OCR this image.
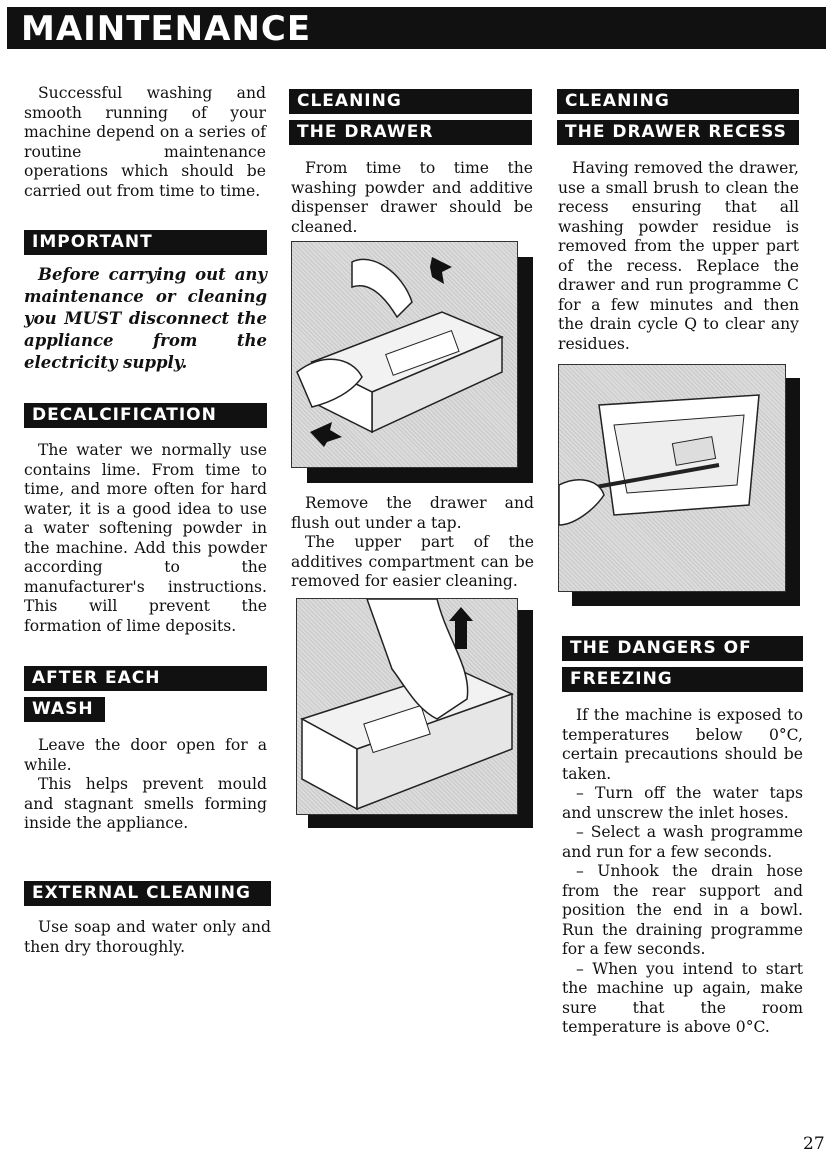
MAINTENANCE

Successful washing and smooth running of your machine depend on a series of routine maintenance operations which should be carried out from time to time.

IMPORTANT

Before carrying out any maintenance or cleaning you MUST disconnect the appliance from the electricity supply.

DECALCIFICATION

The water we normally use contains lime. From time to time, and more often for hard water, it is a good idea to use a water softening powder in the machine. Add this powder according to the manufacturer's instructions. This will prevent the formation of lime deposits.

AFTER EACH
WASH

Leave the door open for a while.

This helps prevent mould and stagnant smells forming inside the appliance.

EXTERNAL CLEANING

Use soap and water only and then dry thoroughly.

CLEANING
THE DRAWER

From time to time the washing powder and additive dispenser drawer should be cleaned.

Remove the drawer and flush out under a tap.

The upper part of the additives compartment can be removed for easier cleaning.

CLEANING
THE DRAWER RECESS

Having removed the drawer, use a small brush to clean the recess ensuring that all washing powder residue is removed from the upper part of the recess. Replace the drawer and run programme C for a few minutes and then the drain cycle Q to clear any residues.

THE DANGERS OF
FREEZING

If the machine is exposed to temperatures below 0°C, certain precautions should be taken.

– Turn off the water taps and unscrew the inlet hoses.

– Select a wash programme and run for a few seconds.

– Unhook the drain hose from the rear support and position the end in a bowl. Run the draining programme for a few seconds.

– When you intend to start the machine up again, make sure that the room temperature is above 0°C.

27
